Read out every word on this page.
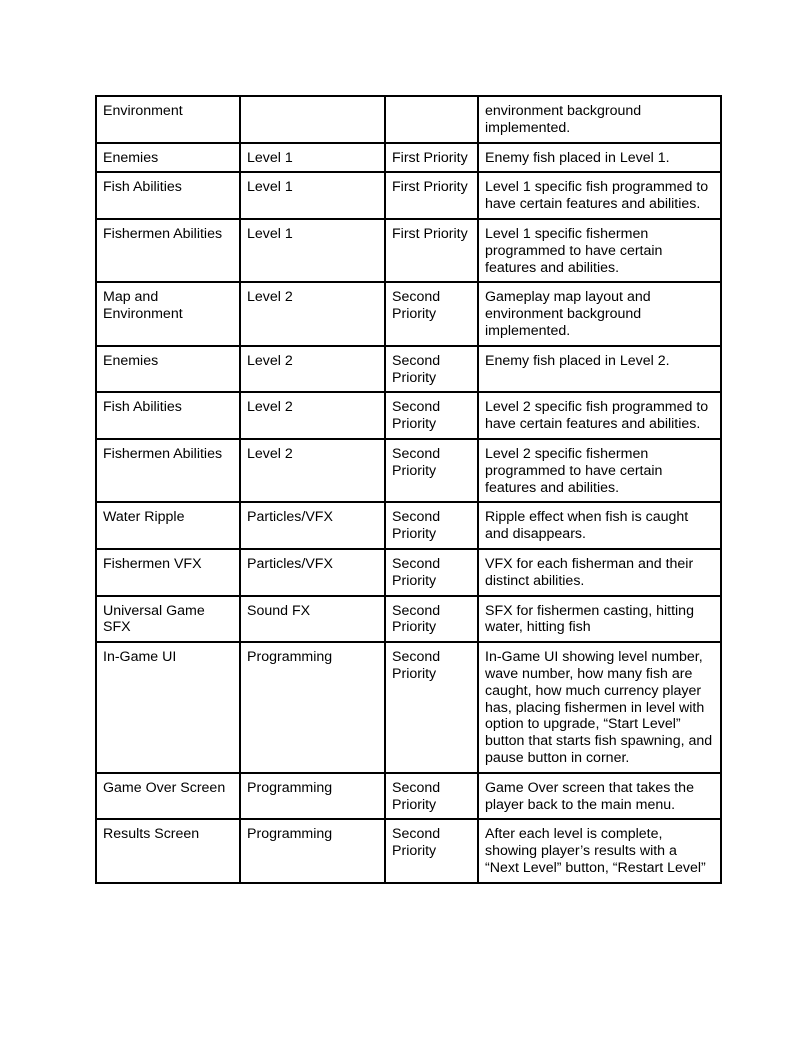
Environment			environment background implemented.
Enemies	Level 1	First Priority	Enemy fish placed in Level 1.
Fish Abilities	Level 1	First Priority	Level 1 specific fish programmed to have certain features and abilities.
Fishermen Abilities	Level 1	First Priority	Level 1 specific fishermen programmed to have certain features and abilities.
Map and Environment	Level 2	Second Priority	Gameplay map layout and environment background implemented.
Enemies	Level 2	Second Priority	Enemy fish placed in Level 2.
Fish Abilities	Level 2	Second Priority	Level 2 specific fish programmed to have certain features and abilities.
Fishermen Abilities	Level 2	Second Priority	Level 2 specific fishermen programmed to have certain features and abilities.
Water Ripple	Particles/VFX	Second Priority	Ripple effect when fish is caught and disappears.
Fishermen VFX	Particles/VFX	Second Priority	VFX for each fisherman and their distinct abilities.
Universal Game SFX	Sound FX	Second Priority	SFX for fishermen casting, hitting water, hitting fish
In-Game UI	Programming	Second Priority	In-Game UI showing level number, wave number, how many fish are caught, how much currency player has, placing fishermen in level with option to upgrade, “Start Level” button that starts fish spawning, and pause button in corner.
Game Over Screen	Programming	Second Priority	Game Over screen that takes the player back to the main menu.
Results Screen	Programming	Second Priority	After each level is complete, showing player’s results with a “Next Level” button, “Restart Level”
